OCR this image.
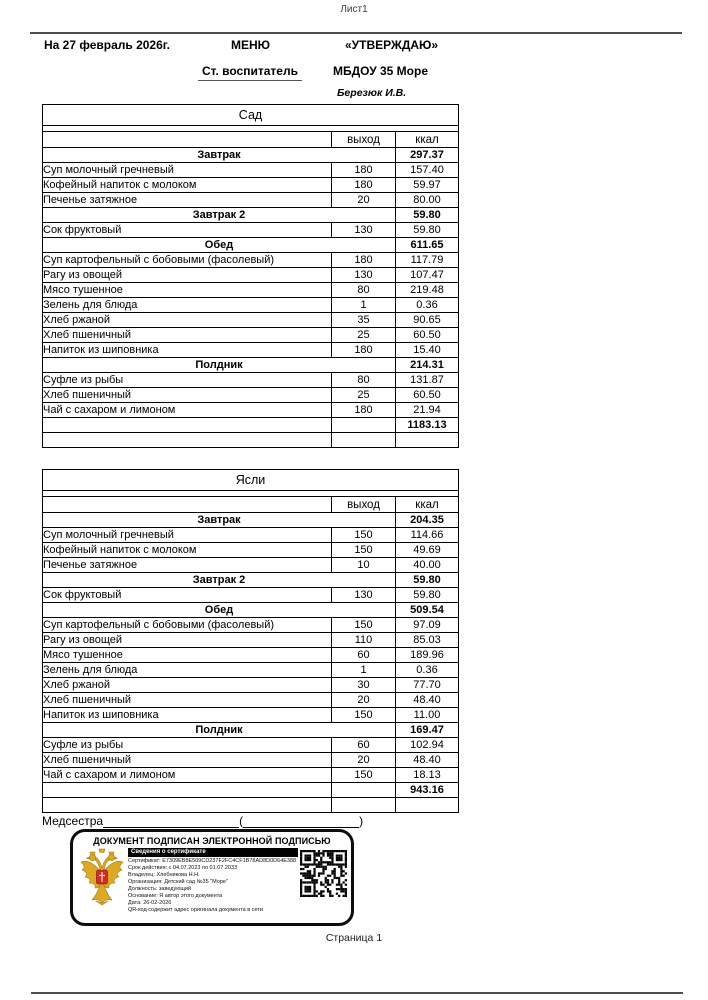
Лист1
На 27 февраль 2026г.	МЕНЮ	«УТВЕРЖДАЮ»
Ст. воспитатель	МБДОУ 35 Море
Березюк И.В.
Сад		

	выход	ккал
Завтрак		297.37
Суп молочный гречневый	180	157.40
Кофейный напиток с молоком	180	59.97
Печенье затяжное	20	80.00
Завтрак 2		59.80
Сок фруктовый	130	59.80
Обед		611.65
Суп картофельный с бобовыми (фасолевый)	180	117.79
Рагу из овощей	130	107.47
Мясо тушенное	80	219.48
Зелень для блюда	1	0.36
Хлеб ржаной	35	90.65
Хлеб пшеничный	25	60.50
Напиток из шиповника	180	15.40
Полдник		214.31
Суфле из рыбы	80	131.87
Хлеб пшеничный	25	60.50
Чай с сахаром и лимоном	180	21.94
		1183.13

Ясли		

	выход	ккал
Завтрак		204.35
Суп молочный гречневый	150	114.66
Кофейный напиток с молоком	150	49.69
Печенье затяжное	10	40.00
Завтрак 2		59.80
Сок фруктовый	130	59.80
Обед		509.54
Суп картофельный с бобовыми (фасолевый)	150	97.09
Рагу из овощей	110	85.03
Мясо тушенное	60	189.96
Зелень для блюда	1	0.36
Хлеб ржаной	30	77.70
Хлеб пшеничный	20	48.40
Напиток из шиповника	150	11.00
Полдник		169.47
Суфле из рыбы	60	102.94
Хлеб пшеничный	20	48.40
Чай с сахаром и лимоном	150	18.13
		943.16

Медсестра	(	)
ДОКУМЕНТ ПОДПИСАН ЭЛЕКТРОННОЙ ПОДПИСЬЮ
Сведения о сертификате
Сертификат: E7309EB8E509CD237F2FC4CF1B78AD8D0D64E388
Срок действия: с 04.07.2023 по 01.07.2033
Владелец: Хлебникова Н.Н.
Организация: Детский сад №35 "Море"
Должность: заведующий
Основание: Я автор этого документа
Дата: 26-02-2026
QR-код содержит адрес оригинала документа в сети
Страница 1
